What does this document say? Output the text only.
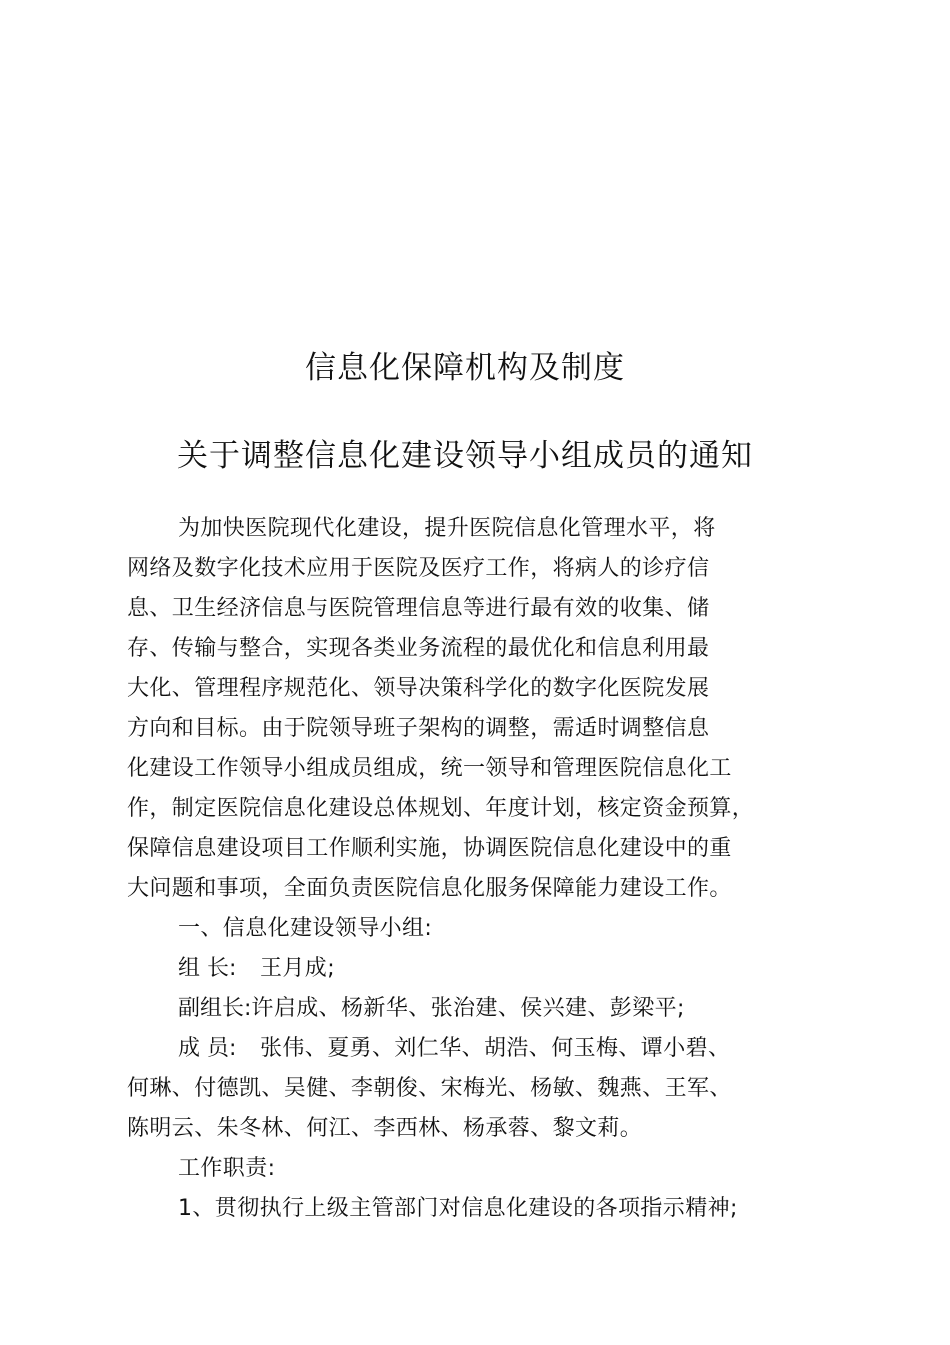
信息化保障机构及制度
关于调整信息化建设领导小组成员的通知
为加快医院现代化建设，提升医院信息化管理水平，将
网络及数字化技术应用于医院及医疗工作，将病人的诊疗信
息、卫生经济信息与医院管理信息等进行最有效的收集、储
存、传输与整合，实现各类业务流程的最优化和信息利用最
大化、管理程序规范化、领导决策科学化的数字化医院发展
方向和目标。由于院领导班子架构的调整，需适时调整信息
化建设工作领导小组成员组成，统一领导和管理医院信息化工
作，制定医院信息化建设总体规划、年度计划，核定资金预算，
保障信息建设项目工作顺利实施，协调医院信息化建设中的重
大问题和事项，全面负责医院信息化服务保障能力建设工作。
一、信息化建设领导小组:
组 长: 王月成;
副组长:许启成、杨新华、张治建、侯兴建、彭梁平;
成 员: 张伟、夏勇、刘仁华、胡浩、何玉梅、谭小碧、
何琳、付德凯、吴健、李朝俊、宋梅光、杨敏、魏燕、王军、
陈明云、朱冬林、何江、李西林、杨承蓉、黎文莉。
工作职责:
1、贯彻执行上级主管部门对信息化建设的各项指示精神;
